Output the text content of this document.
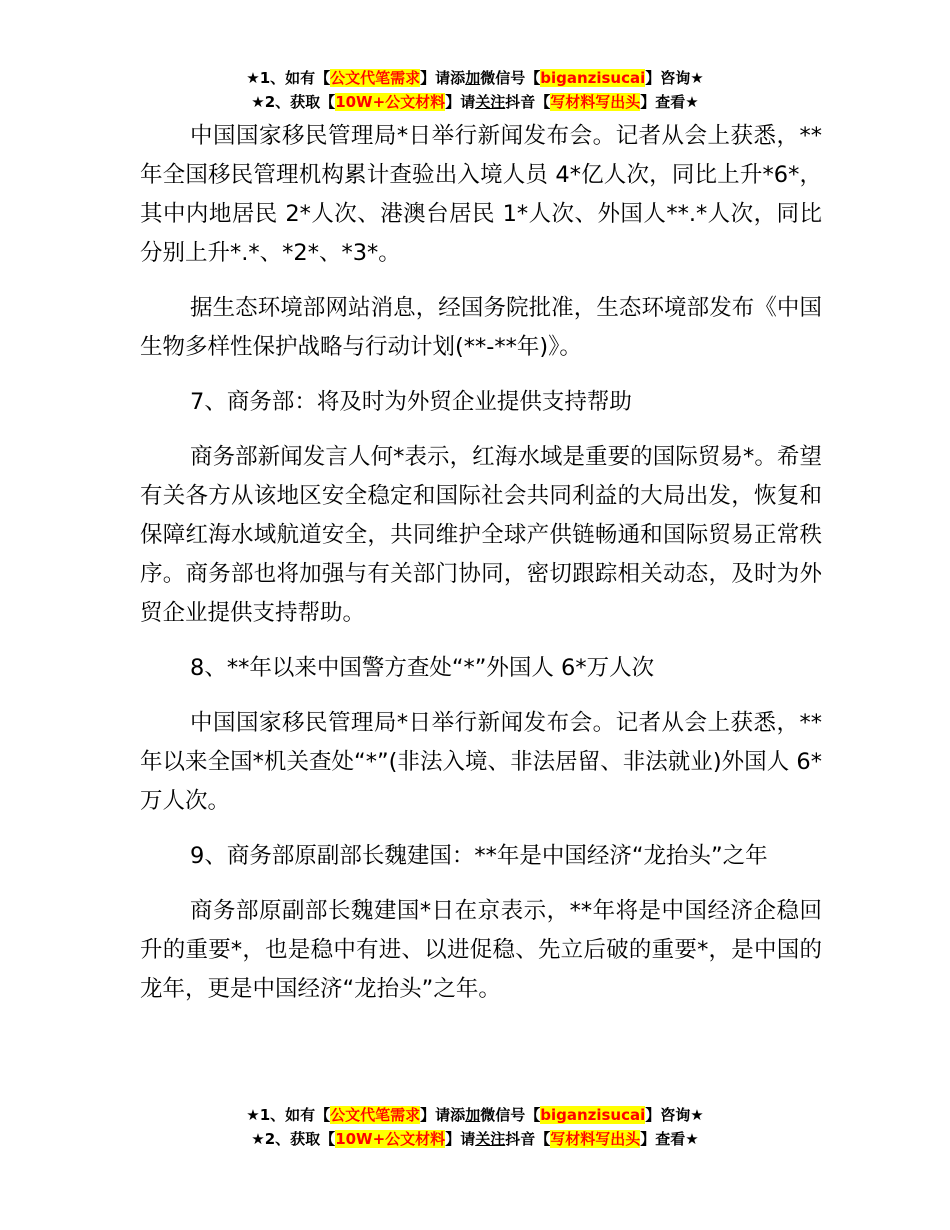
★1、如有【公文代笔需求】请添加微信号【biganzisucai】咨询★
★2、获取【10W+公文材料】请关注抖音【写材料写出头】查看★

中国国家移民管理局*日举行新闻发布会。记者从会上获悉，**年全国移民管理机构累计查验出入境人员 4*亿人次，同比上升*6*，其中内地居民 2*人次、港澳台居民 1*人次、外国人**.*人次，同比分别上升*.*、*2*、*3*。

据生态环境部网站消息，经国务院批准，生态环境部发布《中国生物多样性保护战略与行动计划(**-**年)》。

7、商务部：将及时为外贸企业提供支持帮助

商务部新闻发言人何*表示，红海水域是重要的国际贸易*。希望有关各方从该地区安全稳定和国际社会共同利益的大局出发，恢复和保障红海水域航道安全，共同维护全球产供链畅通和国际贸易正常秩序。商务部也将加强与有关部门协同，密切跟踪相关动态，及时为外贸企业提供支持帮助。

8、**年以来中国警方查处“*”外国人 6*万人次

中国国家移民管理局*日举行新闻发布会。记者从会上获悉，**年以来全国*机关查处“*”(非法入境、非法居留、非法就业)外国人 6*万人次。

9、商务部原副部长魏建国：**年是中国经济“龙抬头”之年

商务部原副部长魏建国*日在京表示，**年将是中国经济企稳回升的重要*，也是稳中有进、以进促稳、先立后破的重要*，是中国的龙年，更是中国经济“龙抬头”之年。

★1、如有【公文代笔需求】请添加微信号【biganzisucai】咨询★
★2、获取【10W+公文材料】请关注抖音【写材料写出头】查看★
